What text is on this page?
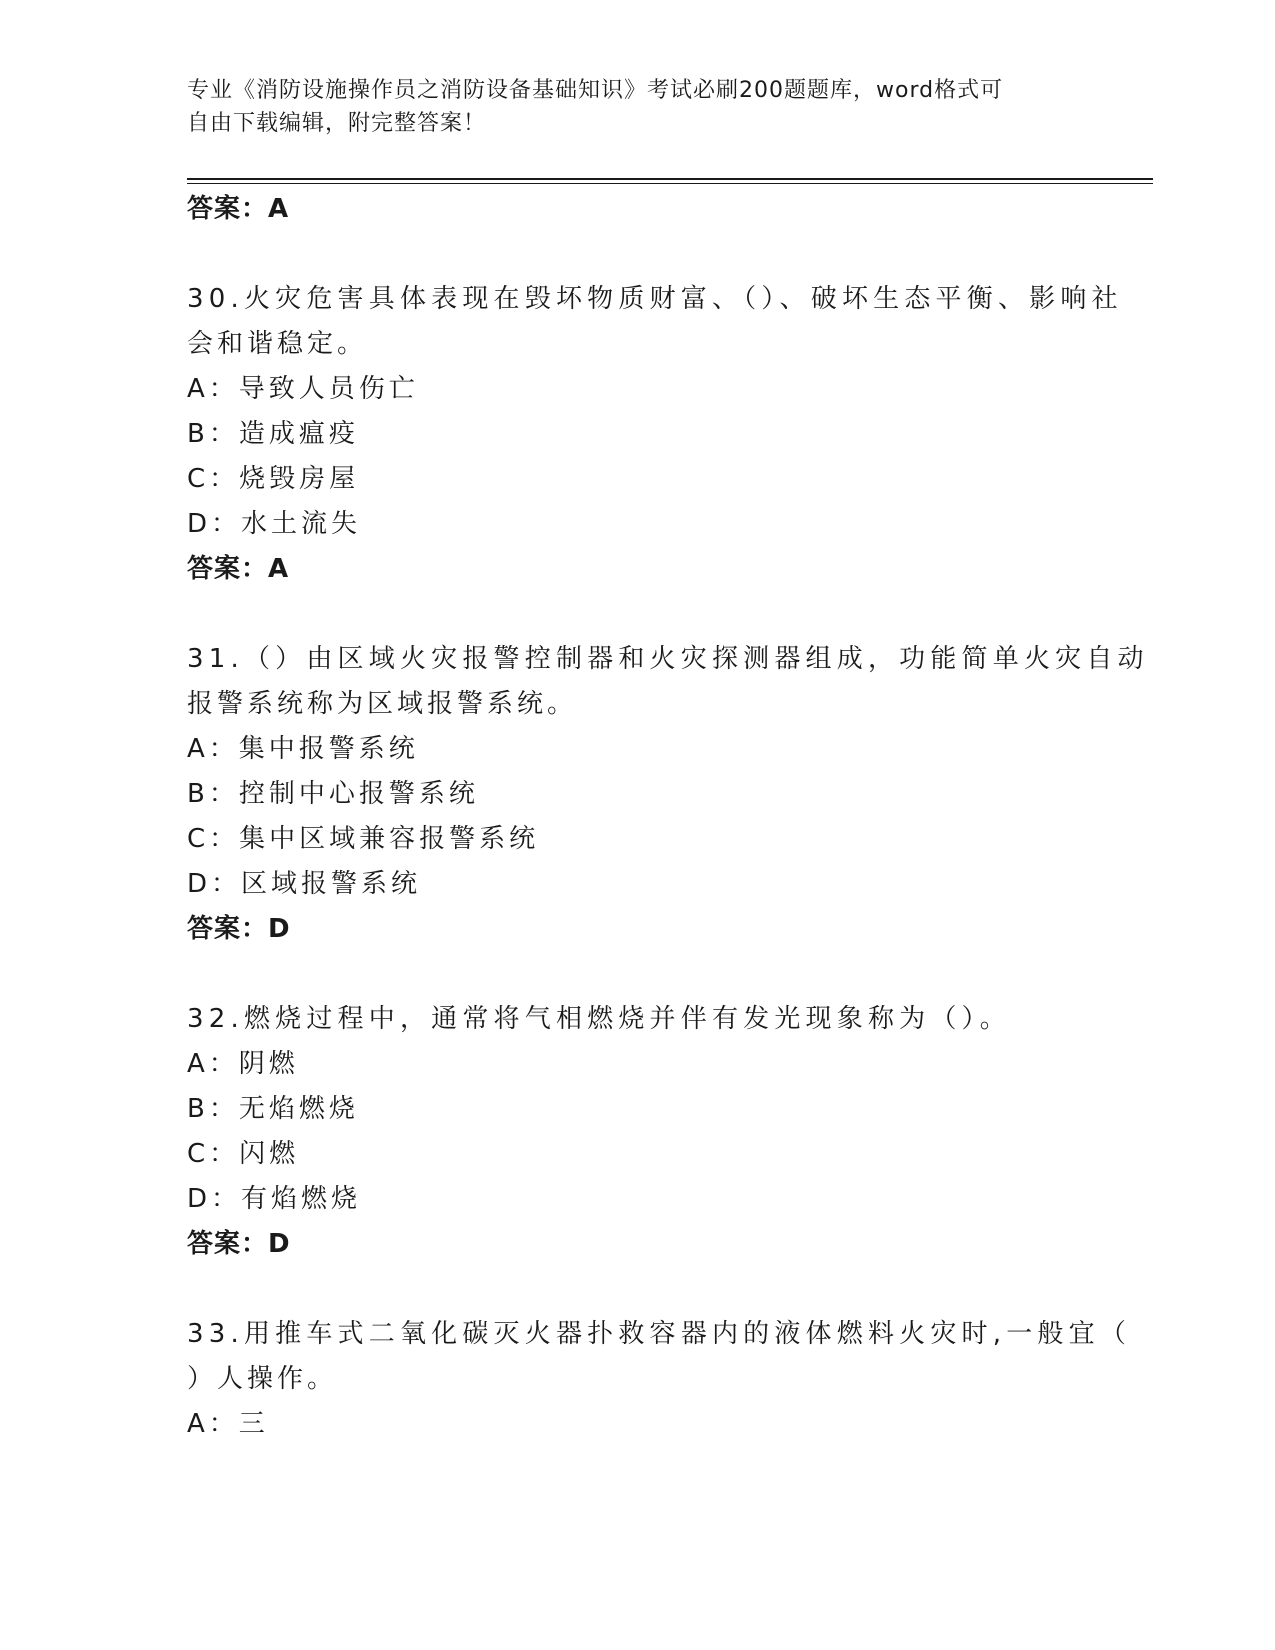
专业《消防设施操作员之消防设备基础知识》考试必刷200题题库，word格式可
自由下载编辑，附完整答案！
答案：A
30.火灾危害具体表现在毁坏物质财富、（）、破坏生态平衡、影响社
会和谐稳定。
A：导致人员伤亡
B：造成瘟疫
C：烧毁房屋
D：水土流失
答案：A
31.（）由区域火灾报警控制器和火灾探测器组成，功能简单火灾自动
报警系统称为区域报警系统。
A：集中报警系统
B：控制中心报警系统
C：集中区域兼容报警系统
D：区域报警系统
答案：D
32.燃烧过程中，通常将气相燃烧并伴有发光现象称为（）。
A：阴燃
B：无焰燃烧
C：闪燃
D：有焰燃烧
答案：D
33.用推车式二氧化碳灭火器扑救容器内的液体燃料火灾时,一般宜（
）人操作。
A：三
